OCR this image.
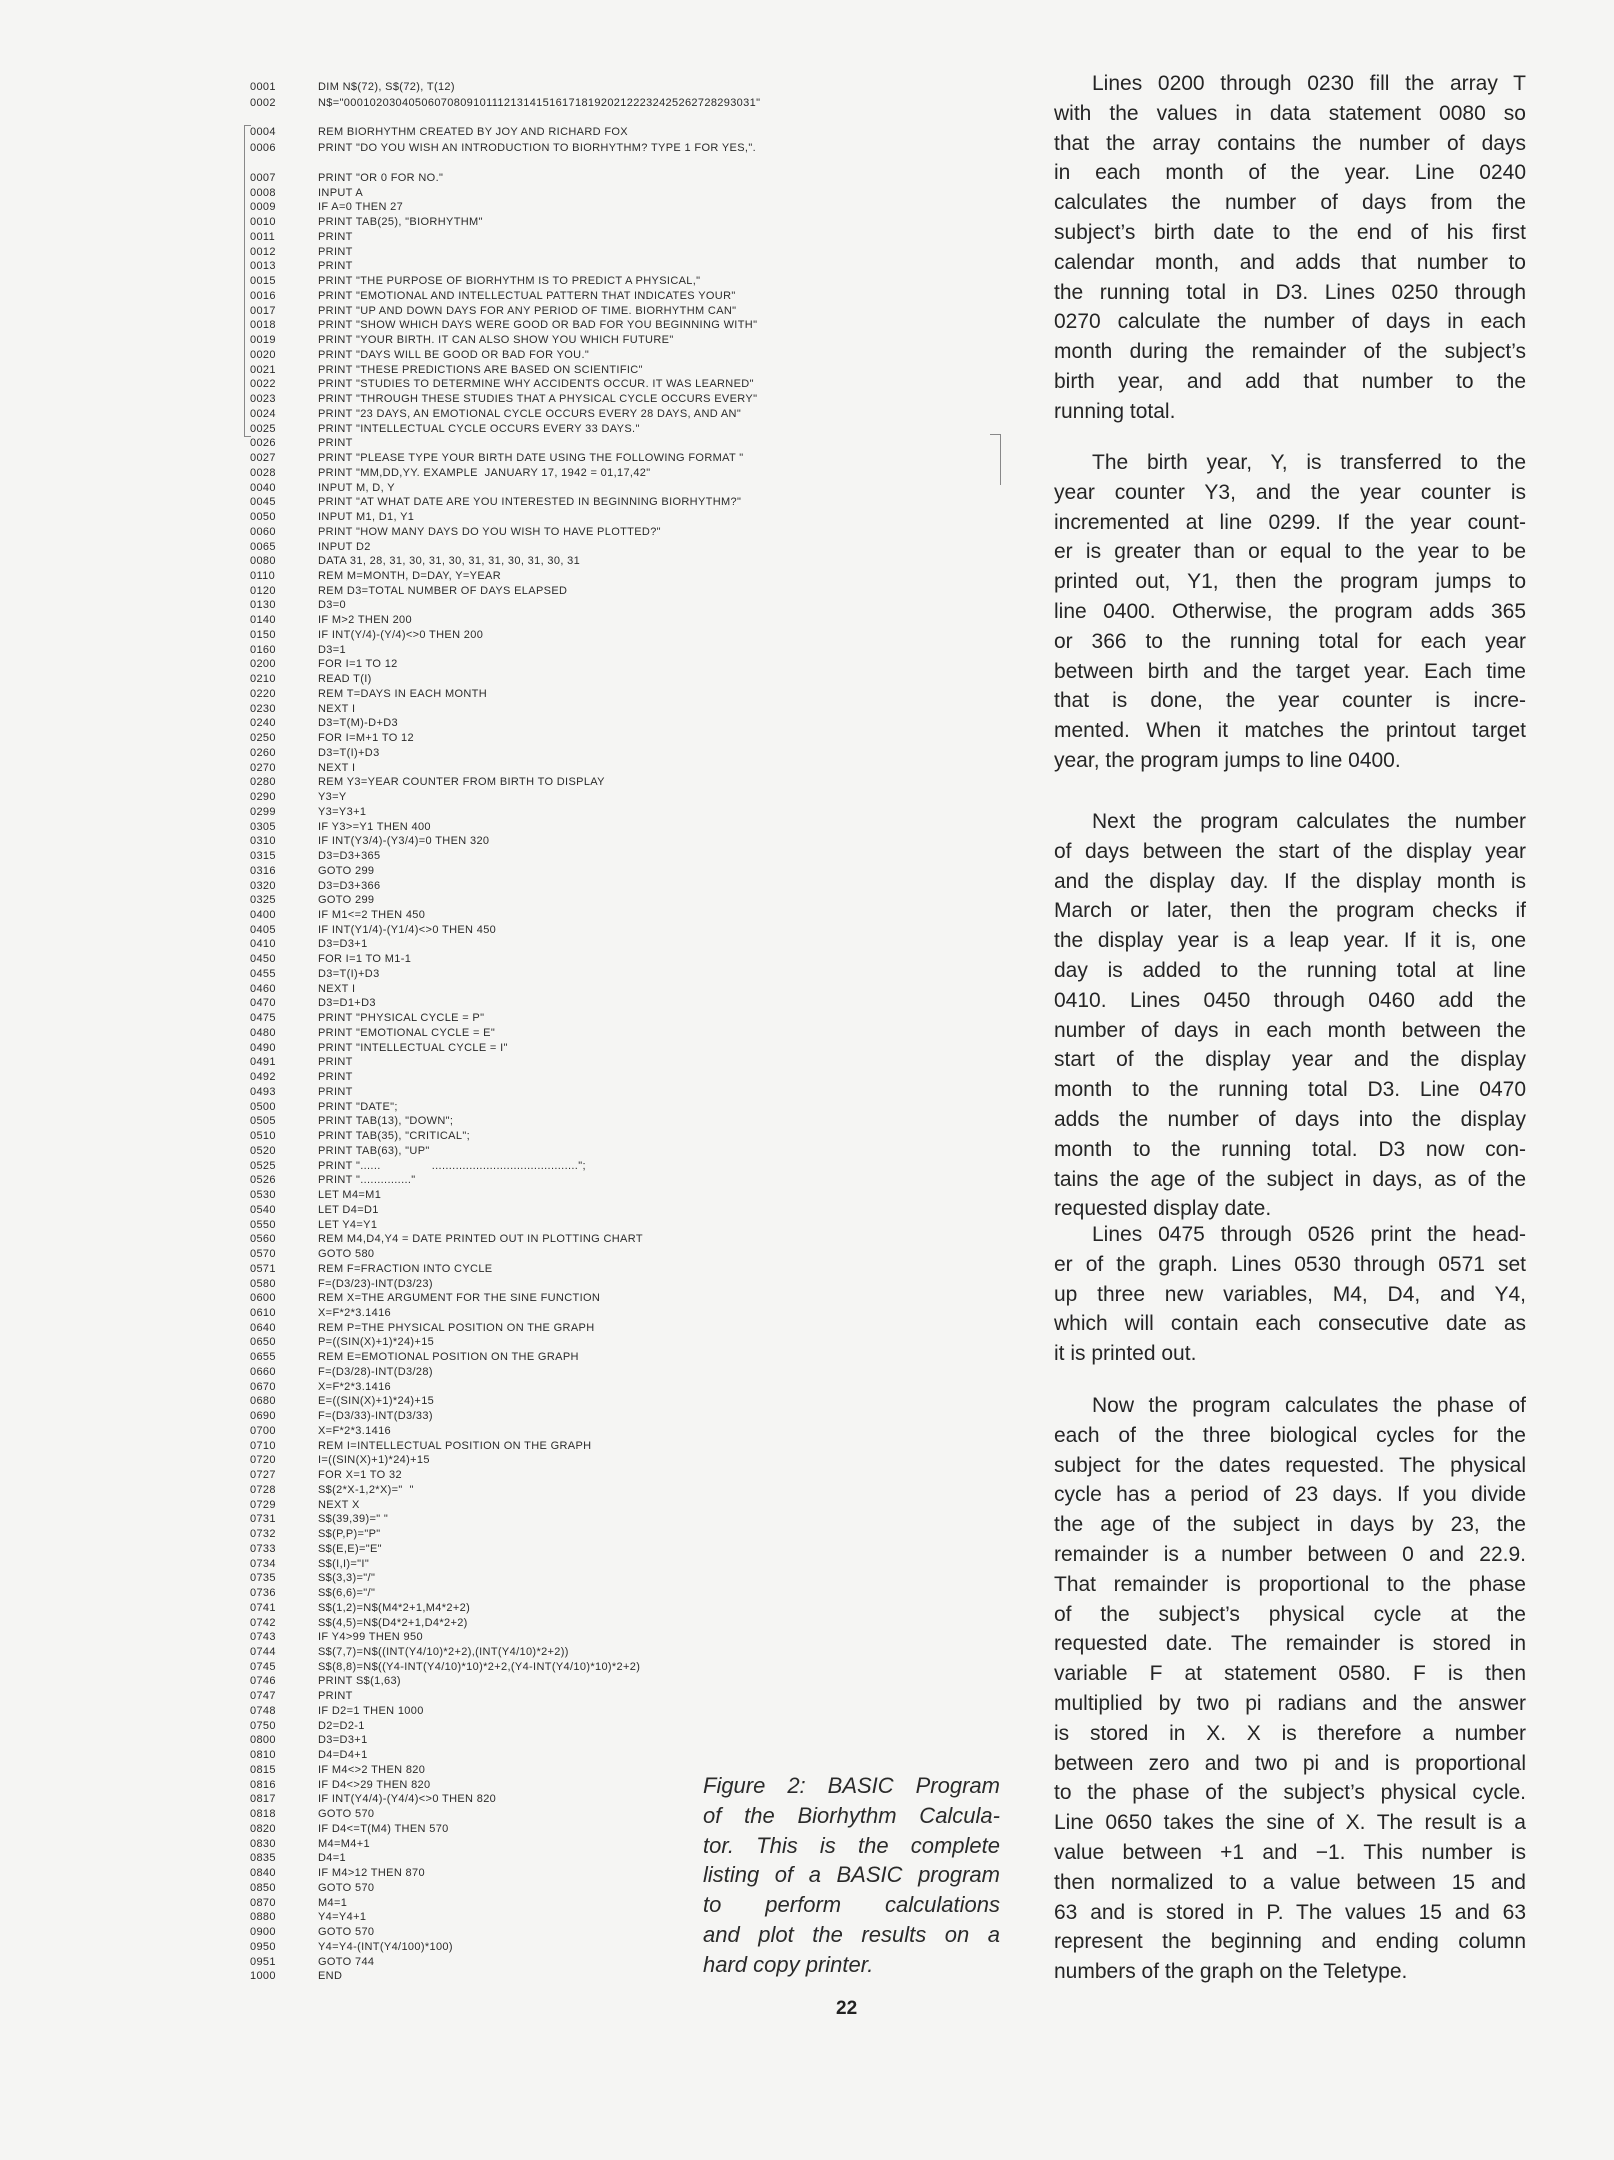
0001	DIM N$(72), S$(72), T(12)
0002	N$="0001020304050607080910111213141516171819202122232425262728293031"
0004	REM BIORHYTHM CREATED BY JOY AND RICHARD FOX
0006	PRINT "DO YOU WISH AN INTRODUCTION TO BIORHYTHM? TYPE 1 FOR YES,".
0007	PRINT "OR 0 FOR NO."
0008	INPUT A
0009	IF A=0 THEN 27
0010	PRINT TAB(25), "BIORHYTHM"
0011	PRINT
0012	PRINT
0013	PRINT
0015	PRINT "THE PURPOSE OF BIORHYTHM IS TO PREDICT A PHYSICAL,"
0016	PRINT "EMOTIONAL AND INTELLECTUAL PATTERN THAT INDICATES YOUR"
0017	PRINT "UP AND DOWN DAYS FOR ANY PERIOD OF TIME. BIORHYTHM CAN"
0018	PRINT "SHOW WHICH DAYS WERE GOOD OR BAD FOR YOU BEGINNING WITH"
0019	PRINT "YOUR BIRTH. IT CAN ALSO SHOW YOU WHICH FUTURE"
0020	PRINT "DAYS WILL BE GOOD OR BAD FOR YOU."
0021	PRINT "THESE PREDICTIONS ARE BASED ON SCIENTIFIC"
0022	PRINT "STUDIES TO DETERMINE WHY ACCIDENTS OCCUR. IT WAS LEARNED"
0023	PRINT "THROUGH THESE STUDIES THAT A PHYSICAL CYCLE OCCURS EVERY"
0024	PRINT "23 DAYS, AN EMOTIONAL CYCLE OCCURS EVERY 28 DAYS, AND AN"
0025	PRINT "INTELLECTUAL CYCLE OCCURS EVERY 33 DAYS."
0026	PRINT
0027	PRINT "PLEASE TYPE YOUR BIRTH DATE USING THE FOLLOWING FORMAT "
0028	PRINT "MM,DD,YY. EXAMPLE  JANUARY 17, 1942 = 01,17,42"
0040	INPUT M, D, Y
0045	PRINT "AT WHAT DATE ARE YOU INTERESTED IN BEGINNING BIORHYTHM?"
0050	INPUT M1, D1, Y1
0060	PRINT "HOW MANY DAYS DO YOU WISH TO HAVE PLOTTED?"
0065	INPUT D2
0080	DATA 31, 28, 31, 30, 31, 30, 31, 31, 30, 31, 30, 31
0110	REM M=MONTH, D=DAY, Y=YEAR
0120	REM D3=TOTAL NUMBER OF DAYS ELAPSED
0130	D3=0
0140	IF M>2 THEN 200
0150	IF INT(Y/4)-(Y/4)<>0 THEN 200
0160	D3=1
0200	FOR I=1 TO 12
0210	READ T(I)
0220	REM T=DAYS IN EACH MONTH
0230	NEXT I
0240	D3=T(M)-D+D3
0250	FOR I=M+1 TO 12
0260	D3=T(I)+D3
0270	NEXT I
0280	REM Y3=YEAR COUNTER FROM BIRTH TO DISPLAY
0290	Y3=Y
0299	Y3=Y3+1
0305	IF Y3>=Y1 THEN 400
0310	IF INT(Y3/4)-(Y3/4)=0 THEN 320
0315	D3=D3+365
0316	GOTO 299
0320	D3=D3+366
0325	GOTO 299
0400	IF M1<=2 THEN 450
0405	IF INT(Y1/4)-(Y1/4)<>0 THEN 450
0410	D3=D3+1
0450	FOR I=1 TO M1-1
0455	D3=T(I)+D3
0460	NEXT I
0470	D3=D1+D3
0475	PRINT "PHYSICAL CYCLE = P"
0480	PRINT "EMOTIONAL CYCLE = E"
0490	PRINT "INTELLECTUAL CYCLE = I"
0491	PRINT
0492	PRINT
0493	PRINT
0500	PRINT "DATE";
0505	PRINT TAB(13), "DOWN";
0510	PRINT TAB(35), "CRITICAL";
0520	PRINT TAB(63), "UP"
0525	PRINT "......               ...........................................";
0526	PRINT "..............."
0530	LET M4=M1
0540	LET D4=D1
0550	LET Y4=Y1
0560	REM M4,D4,Y4 = DATE PRINTED OUT IN PLOTTING CHART
0570	GOTO 580
0571	REM F=FRACTION INTO CYCLE
0580	F=(D3/23)-INT(D3/23)
0600	REM X=THE ARGUMENT FOR THE SINE FUNCTION
0610	X=F*2*3.1416
0640	REM P=THE PHYSICAL POSITION ON THE GRAPH
0650	P=((SIN(X)+1)*24)+15
0655	REM E=EMOTIONAL POSITION ON THE GRAPH
0660	F=(D3/28)-INT(D3/28)
0670	X=F*2*3.1416
0680	E=((SIN(X)+1)*24)+15
0690	F=(D3/33)-INT(D3/33)
0700	X=F*2*3.1416
0710	REM I=INTELLECTUAL POSITION ON THE GRAPH
0720	I=((SIN(X)+1)*24)+15
0727	FOR X=1 TO 32
0728	S$(2*X-1,2*X)="  "
0729	NEXT X
0731	S$(39,39)=" "
0732	S$(P,P)="P"
0733	S$(E,E)="E"
0734	S$(I,I)="I"
0735	S$(3,3)="/"
0736	S$(6,6)="/"
0741	S$(1,2)=N$(M4*2+1,M4*2+2)
0742	S$(4,5)=N$(D4*2+1,D4*2+2)
0743	IF Y4>99 THEN 950
0744	S$(7,7)=N$((INT(Y4/10)*2+2),(INT(Y4/10)*2+2))
0745	S$(8,8)=N$((Y4-INT(Y4/10)*10)*2+2,(Y4-INT(Y4/10)*10)*2+2)
0746	PRINT S$(1,63)
0747	PRINT
0748	IF D2=1 THEN 1000
0750	D2=D2-1
0800	D3=D3+1
0810	D4=D4+1
0815	IF M4<>2 THEN 820
0816	IF D4<>29 THEN 820
0817	IF INT(Y4/4)-(Y4/4)<>0 THEN 820
0818	GOTO 570
0820	IF D4<=T(M4) THEN 570
0830	M4=M4+1
0835	D4=1
0840	IF M4>12 THEN 870
0850	GOTO 570
0870	M4=1
0880	Y4=Y4+1
0900	GOTO 570
0950	Y4=Y4-(INT(Y4/100)*100)
0951	GOTO 744
1000	END
Lines 0200 through 0230 fill the array T
with the values in data statement 0080 so
that the array contains the number of days
in each month of the year. Line 0240
calculates the number of days from the
subject’s birth date to the end of his first
calendar month, and adds that number to
the running total in D3. Lines 0250 through
0270 calculate the number of days in each
month during the remainder of the subject’s
birth year, and add that number to the
running total.
The birth year, Y, is transferred to the
year counter Y3, and the year counter is
incremented at line 0299. If the year count-
er is greater than or equal to the year to be
printed out, Y1, then the program jumps to
line 0400. Otherwise, the program adds 365
or 366 to the running total for each year
between birth and the target year. Each time
that is done, the year counter is incre-
mented. When it matches the printout target
year, the program jumps to line 0400.
Next the program calculates the number
of days between the start of the display year
and the display day. If the display month is
March or later, then the program checks if
the display year is a leap year. If it is, one
day is added to the running total at line
0410. Lines 0450 through 0460 add the
number of days in each month between the
start of the display year and the display
month to the running total D3. Line 0470
adds the number of days into the display
month to the running total. D3 now con-
tains the age of the subject in days, as of the
requested display date.
Lines 0475 through 0526 print the head-
er of the graph. Lines 0530 through 0571 set
up three new variables, M4, D4, and Y4,
which will contain each consecutive date as
it is printed out.
Now the program calculates the phase of
each of the three biological cycles for the
subject for the dates requested. The physical
cycle has a period of 23 days. If you divide
the age of the subject in days by 23, the
remainder is a number between 0 and 22.9.
That remainder is proportional to the phase
of the subject’s physical cycle at the
requested date. The remainder is stored in
variable F at statement 0580. F is then
multiplied by two pi radians and the answer
is stored in X. X is therefore a number
between zero and two pi and is proportional
to the phase of the subject’s physical cycle.
Line 0650 takes the sine of X. The result is a
value between +1 and −1. This number is
then normalized to a value between 15 and
63 and is stored in P. The values 15 and 63
represent the beginning and ending column
numbers of the graph on the Teletype.
Figure 2: BASIC Program
of the Biorhythm Calcula-
tor. This is the complete
listing of a BASIC program
to perform calculations
and plot the results on a
hard copy printer.
22
